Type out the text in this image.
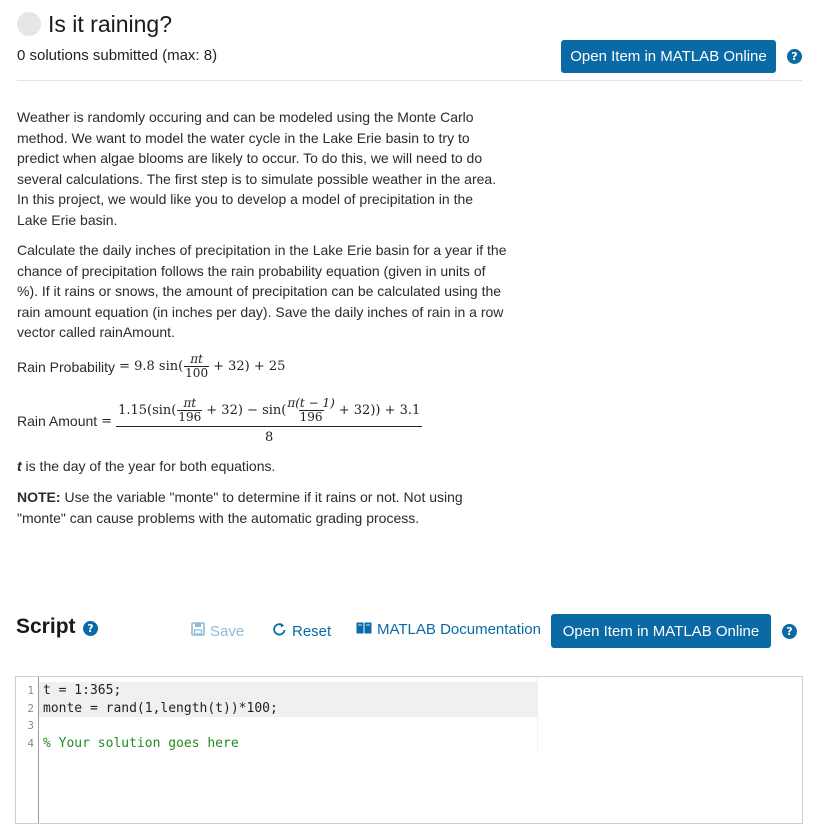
Is it raining?
0 solutions submitted (max: 8)	Open Item in MATLAB Online	?

Weather is randomly occuring and can be modeled using the Monte Carlo method. We want to model the water cycle in the Lake Erie basin to try to predict when algae blooms are likely to occur. To do this, we will need to do several calculations. The first step is to simulate possible weather in the area. In this project, we would like you to develop a model of precipitation in the Lake Erie basin.

Calculate the daily inches of precipitation in the Lake Erie basin for a year if the chance of precipitation follows the rain probability equation (given in units of %). If it rains or snows, the amount of precipitation can be calculated using the rain amount equation (in inches per day). Save the daily inches of rain in a row vector called rainAmount.

Rain Probability = 9.8 $\sin( \frac{\pi t}{100} + 32) + 25$
Rain Amount =
$1.15(\sin( \frac{\pi t}{196} + 32) - \sin( \frac{\pi(t - 1)}{196} + 32)) + 3.1$
8
t is the day of the year for both equations.
NOTE: Use the variable "monte" to determine if it rains or not. Not using "monte" can cause problems with the automatic grading process.
Script	?	Save	Reset	MATLAB Documentation	Open Item in MATLAB Online	?
1
2
3
4
t = 1:365;
monte = rand(1,length(t))*100;
% Your solution goes here
